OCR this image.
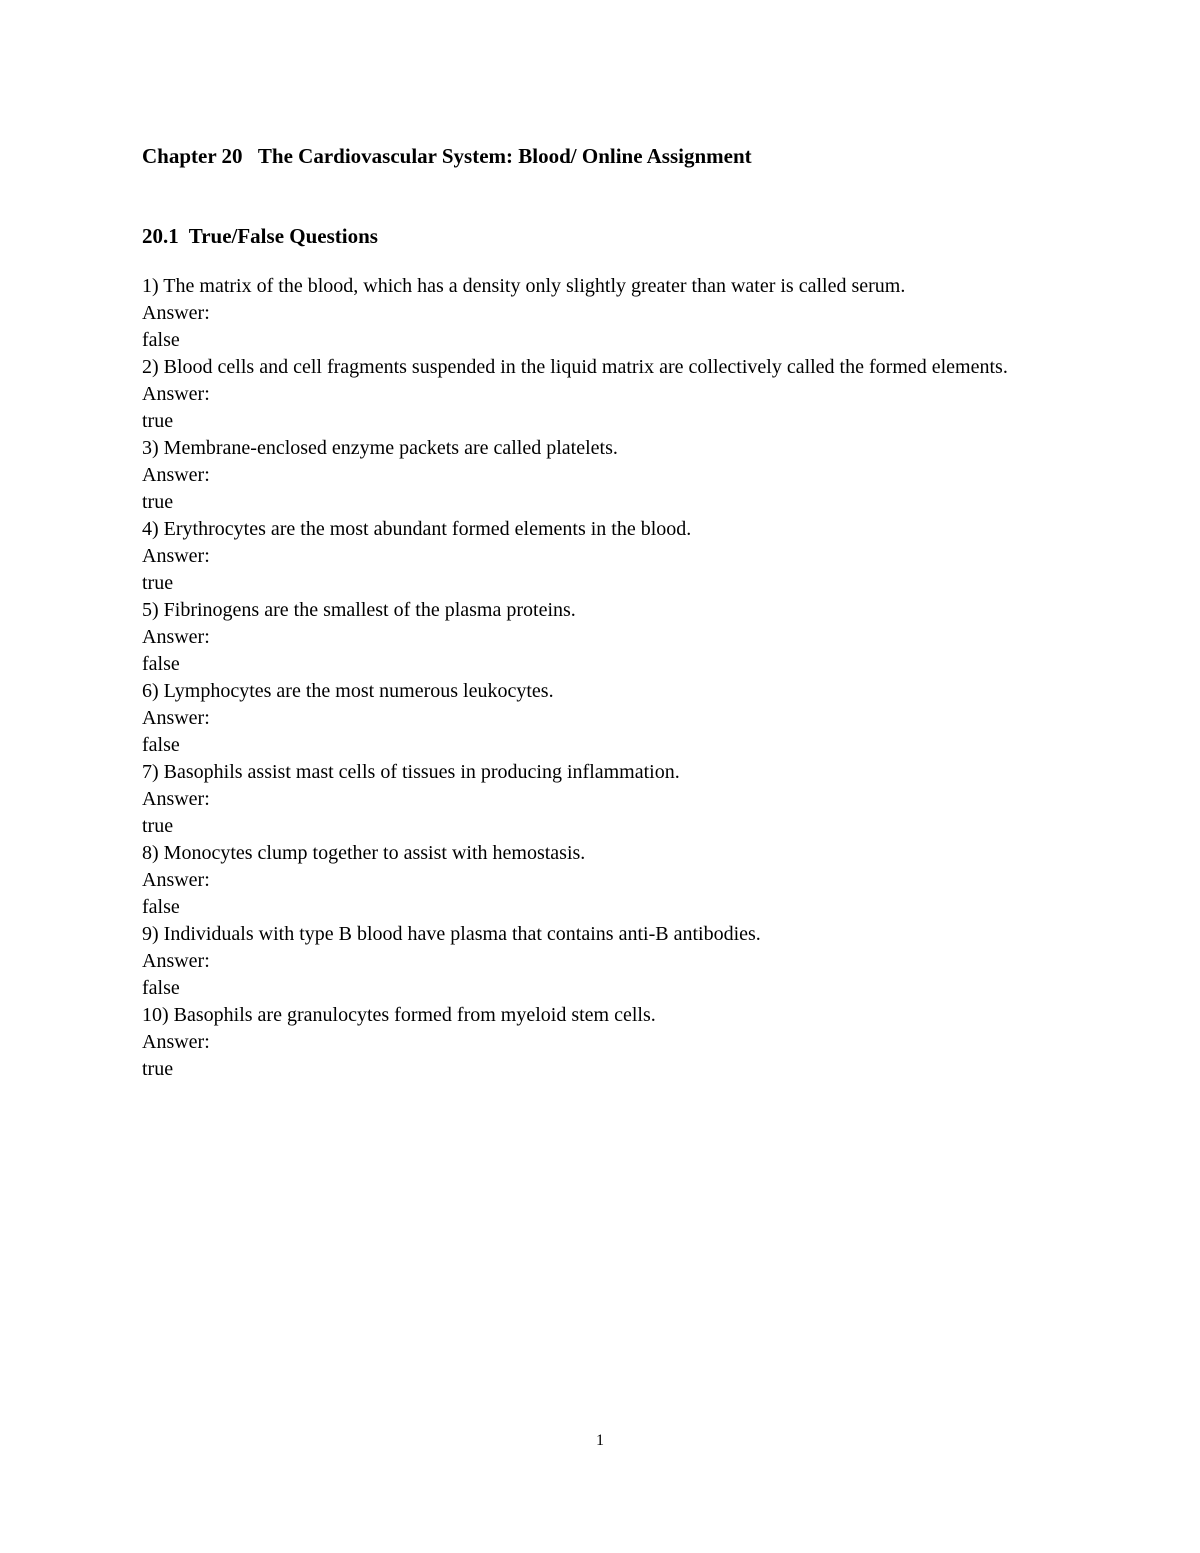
Chapter 20   The Cardiovascular System: Blood/ Online Assignment
20.1 True/False Questions
1) The matrix of the blood, which has a density only slightly greater than water is called serum.
Answer:
false
2) Blood cells and cell fragments suspended in the liquid matrix are collectively called the formed elements.
Answer:
true
3) Membrane-enclosed enzyme packets are called platelets.
Answer:
true
4) Erythrocytes are the most abundant formed elements in the blood.
Answer:
true
5) Fibrinogens are the smallest of the plasma proteins.
Answer:
false
6) Lymphocytes are the most numerous leukocytes.
Answer:
false
7) Basophils assist mast cells of tissues in producing inflammation.
Answer:
true
8) Monocytes clump together to assist with hemostasis.
Answer:
false
9) Individuals with type B blood have plasma that contains anti-B antibodies.
Answer:
false
10) Basophils are granulocytes formed from myeloid stem cells.
Answer:
true
1
